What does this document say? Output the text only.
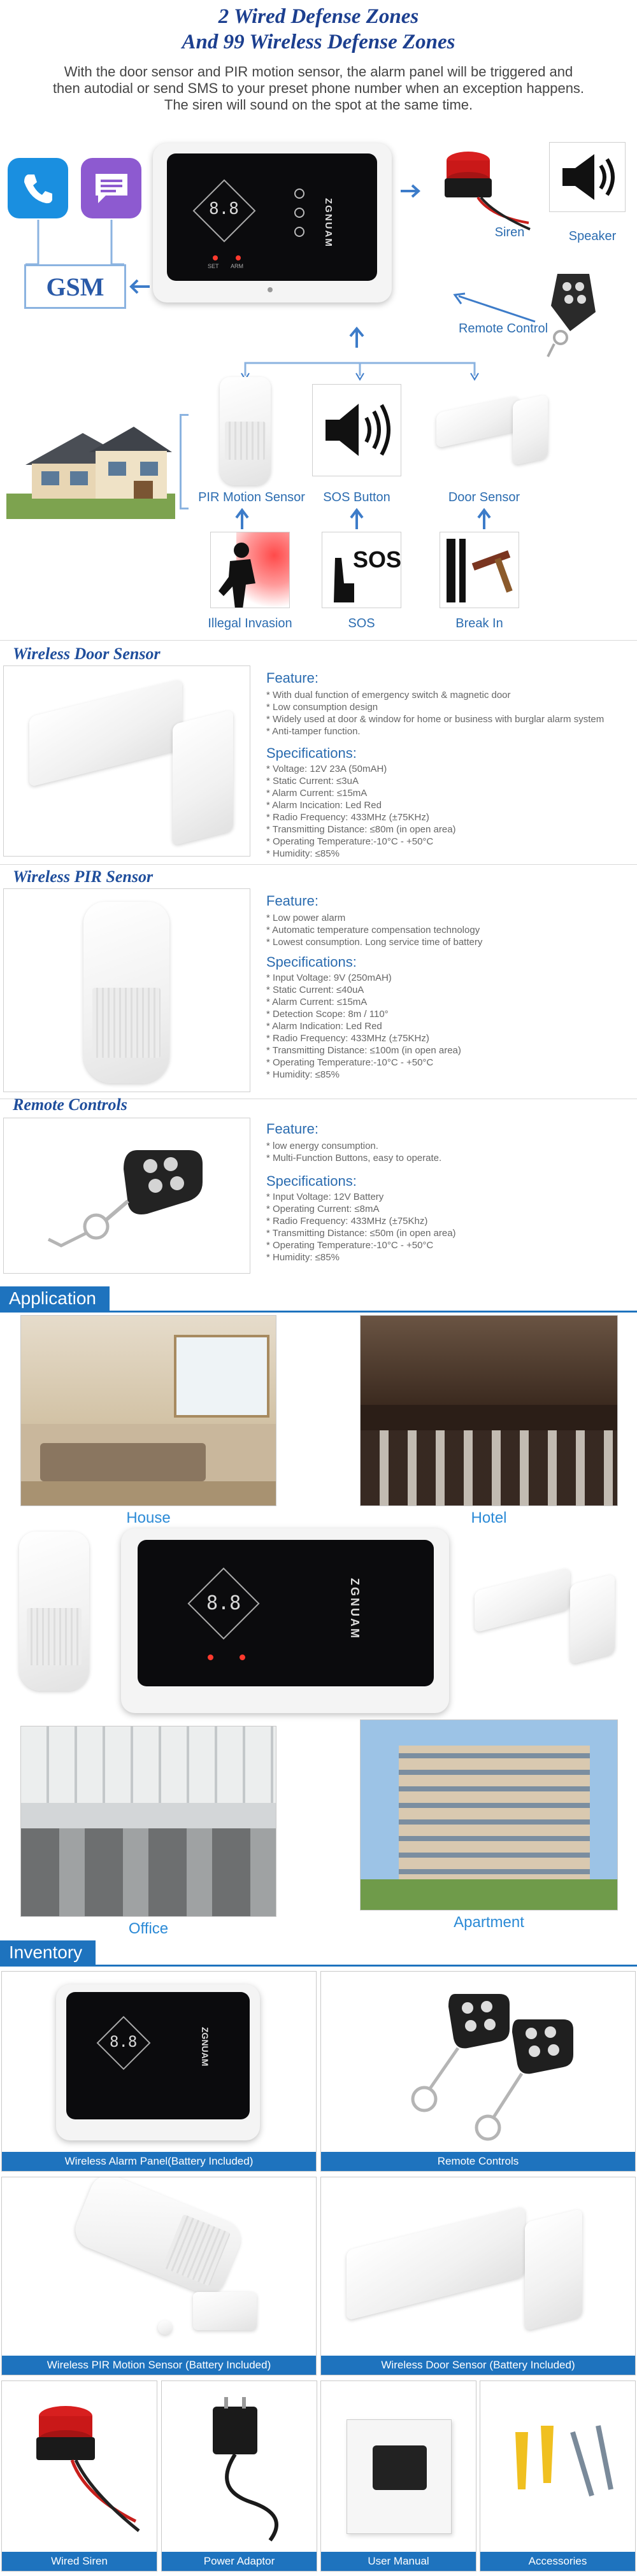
2 Wired Defense Zones
And 99 Wireless Defense Zones
With the door sensor and PIR motion sensor, the alarm panel will be triggered and
then autodial or send SMS to your preset phone number when an exception happens.
The siren will sound on the spot at the same time.
GSM
8.8
SET ARM
ZGNUAM	Siren	Speaker
Remote Control
PIR Motion Sensor	SOS Button	Door Sensor
Illegal Invasion
SOS
SOS	Break In
Wireless Door Sensor
Feature:
* With dual function of emergency switch & magnetic door
* Low consumption design
* Widely used at door & window for home or business with burglar alarm system
* Anti-tamper function.
Specifications:
* Voltage: 12V 23A (50mAH)
* Static Current: ≤3uA
* Alarm Current: ≤15mA
* Alarm Incication: Led Red
* Radio Frequency: 433MHz (±75KHz)
* Transmitting Distance: ≤80m (in open area)
* Operating Temperature:-10°C - +50°C
* Humidity: ≤85%
Wireless PIR Sensor
Feature:
* Low power alarm
* Automatic temperature compensation technology
* Lowest consumption. Long service time of battery
Specifications:
* Input Voltage: 9V (250mAH)
* Static Current: ≤40uA
* Alarm Current: ≤15mA
* Detection Scope: 8m / 110°
* Alarm Indication: Led Red
* Radio Frequency: 433MHz (±75KHz)
* Transmitting Distance: ≤100m (in open area)
* Operating Temperature:-10°C - +50°C
* Humidity: ≤85%
Remote Controls
Feature:
* low energy consumption.
* Multi-Function Buttons, easy to operate.
Specifications:
* Input Voltage: 12V Battery
* Operating Current: ≤8mA
* Radio Frequency: 433MHz (±75Khz)
* Transmitting Distance: ≤50m (in open area)
* Operating Temperature:-10°C - +50°C
* Humidity: ≤85%
Application
House	Hotel
8.8	ZGNUAM
Office	Apartment
Inventory
8.8	ZGNUAM
Wireless Alarm Panel(Battery Included)	Remote Controls
Wireless PIR Motion Sensor (Battery Included)	Wireless Door Sensor (Battery Included)
Wired Siren	Power Adaptor	User Manual	Accessories
